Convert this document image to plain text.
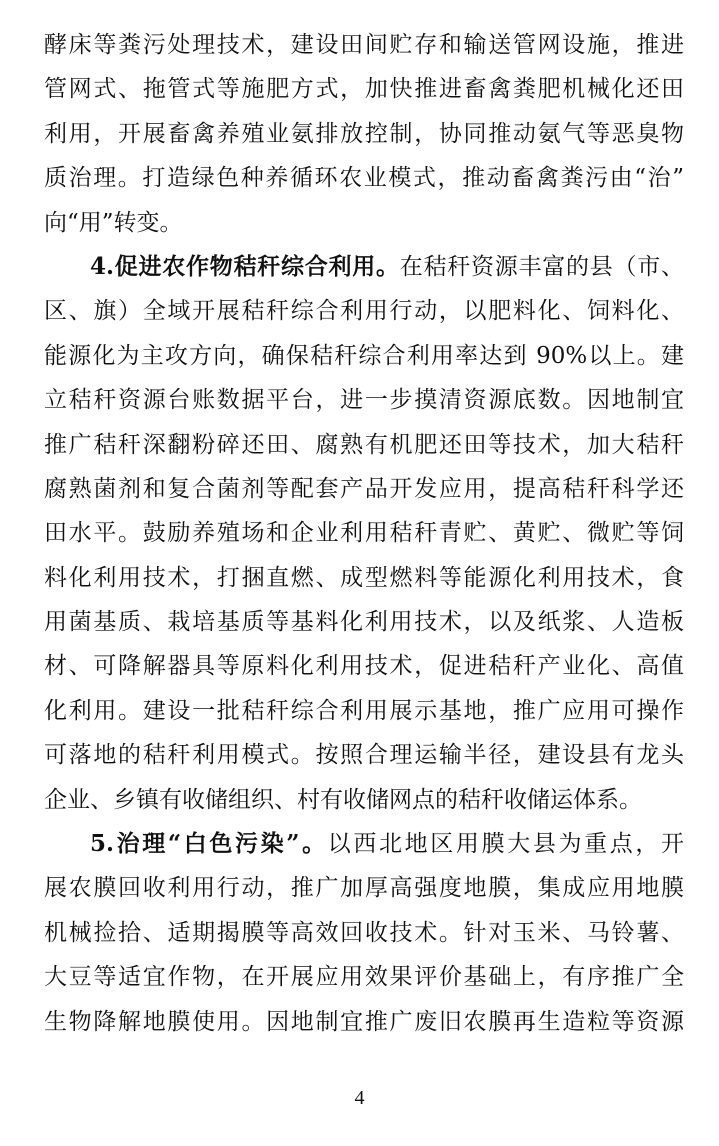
酵床等粪污处理技术，建设田间贮存和输送管网设施，推进
管网式、拖管式等施肥方式，加快推进畜禽粪肥机械化还田
利用，开展畜禽养殖业氨排放控制，协同推动氨气等恶臭物
质治理。打造绿色种养循环农业模式，推动畜禽粪污由“治”
向“用”转变。
4.促进农作物秸秆综合利用。在秸秆资源丰富的县（市、
区、旗）全域开展秸秆综合利用行动，以肥料化、饲料化、
能源化为主攻方向，确保秸秆综合利用率达到 90%以上。建
立秸秆资源台账数据平台，进一步摸清资源底数。因地制宜
推广秸秆深翻粉碎还田、腐熟有机肥还田等技术，加大秸秆
腐熟菌剂和复合菌剂等配套产品开发应用，提高秸秆科学还
田水平。鼓励养殖场和企业利用秸秆青贮、黄贮、微贮等饲
料化利用技术，打捆直燃、成型燃料等能源化利用技术，食
用菌基质、栽培基质等基料化利用技术，以及纸浆、人造板
材、可降解器具等原料化利用技术，促进秸秆产业化、高值
化利用。建设一批秸秆综合利用展示基地，推广应用可操作
可落地的秸秆利用模式。按照合理运输半径，建设县有龙头
企业、乡镇有收储组织、村有收储网点的秸秆收储运体系。
5.治理“白色污染”。以西北地区用膜大县为重点，开
展农膜回收利用行动，推广加厚高强度地膜，集成应用地膜
机械捡拾、适期揭膜等高效回收技术。针对玉米、马铃薯、
大豆等适宜作物，在开展应用效果评价基础上，有序推广全
生物降解地膜使用。因地制宜推广废旧农膜再生造粒等资源
4
